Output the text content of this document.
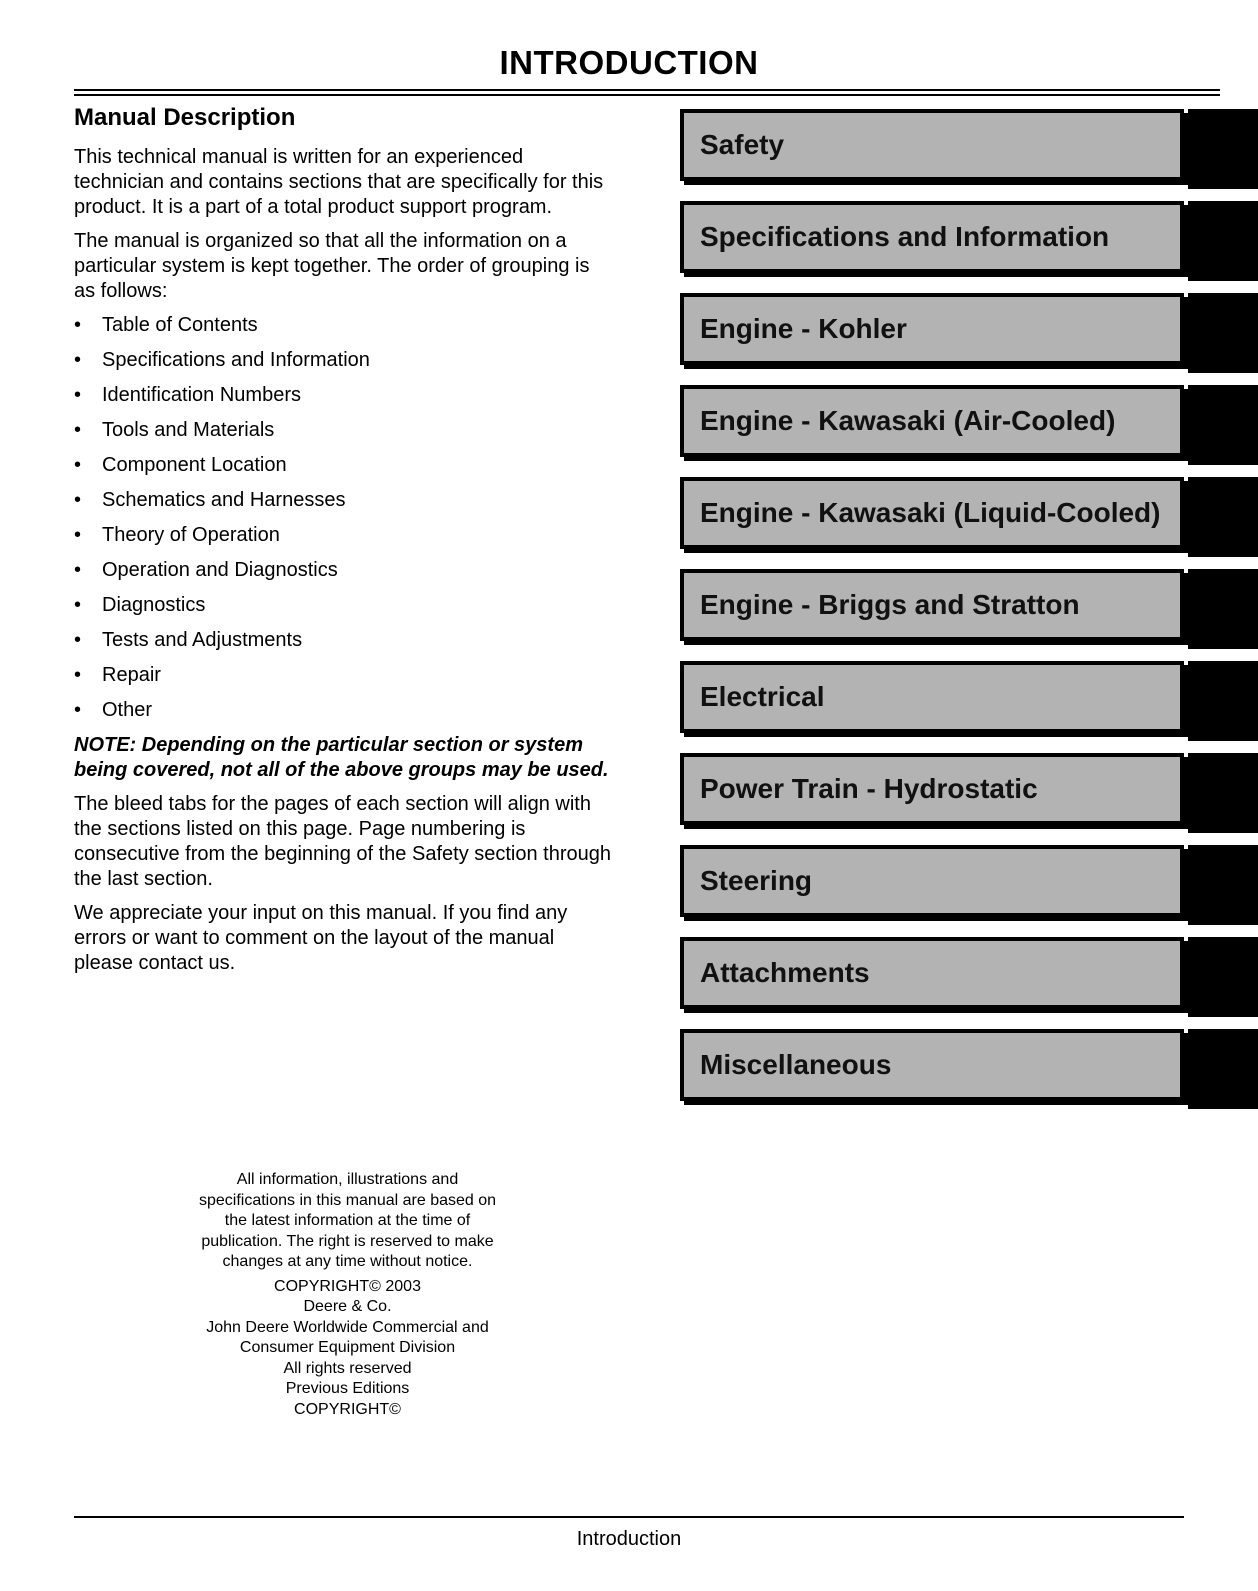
INTRODUCTION
Manual Description

This technical manual is written for an experienced technician and contains sections that are specifically for this product. It is a part of a total product support program.

The manual is organized so that all the information on a particular system is kept together. The order of grouping is as follows:

• Table of Contents
• Specifications and Information
• Identification Numbers
• Tools and Materials
• Component Location
• Schematics and Harnesses
• Theory of Operation
• Operation and Diagnostics
• Diagnostics
• Tests and Adjustments
• Repair
• Other

NOTE: Depending on the particular section or system being covered, not all of the above groups may be used.

The bleed tabs for the pages of each section will align with the sections listed on this page. Page numbering is consecutive from the beginning of the Safety section through the last section.

We appreciate your input on this manual. If you find any errors or want to comment on the layout of the manual please contact us.

Safety
Specifications and Information
Engine - Kohler
Engine - Kawasaki (Air-Cooled)
Engine - Kawasaki (Liquid-Cooled)
Engine - Briggs and Stratton
Electrical
Power Train - Hydrostatic
Steering
Attachments
Miscellaneous

All information, illustrations and specifications in this manual are based on the latest information at the time of publication. The right is reserved to make changes at any time without notice.

COPYRIGHT© 2003
Deere & Co.
John Deere Worldwide Commercial and Consumer Equipment Division
All rights reserved
Previous Editions
COPYRIGHT©
Introduction
